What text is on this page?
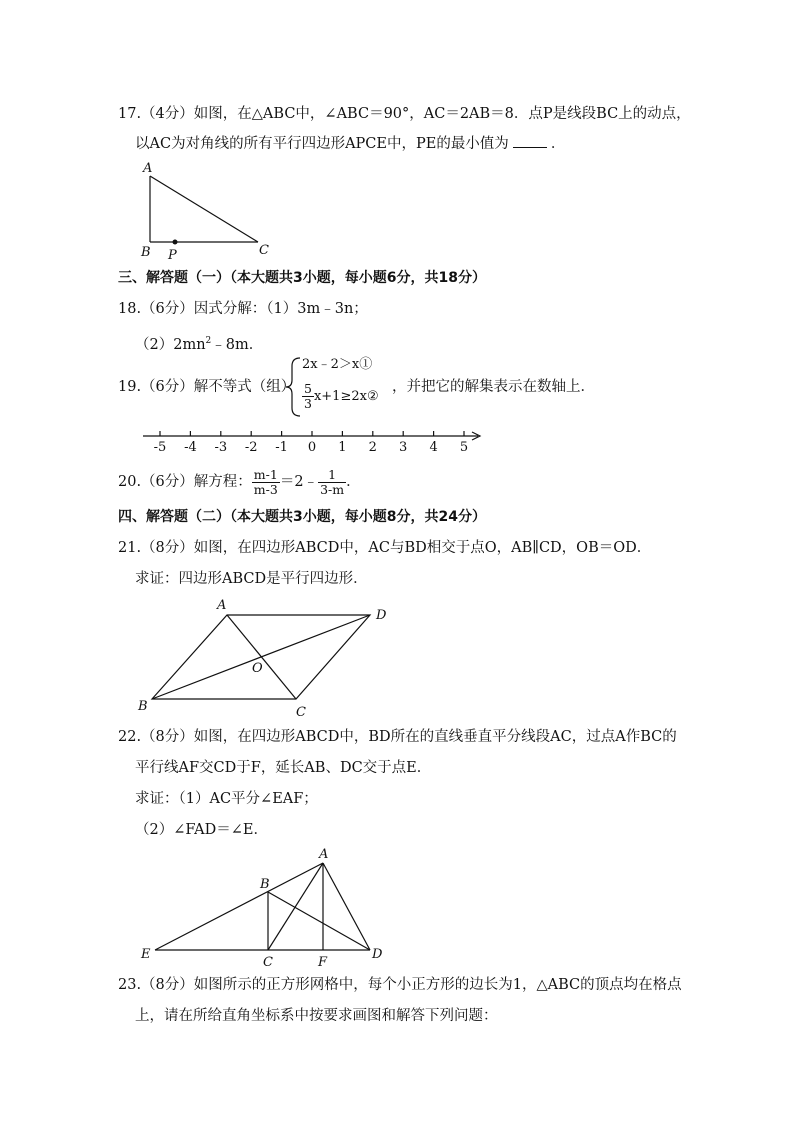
17.（4分）如图，在△ABC中，∠ABC＝90°，AC＝2AB＝8．点P是线段BC上的动点，
以AC为对角线的所有平行四边形APCE中，PE的最小值为	．
A
B P	C
三、解答题（一）（本大题共3小题，每小题6分，共18分）
18.（6分）因式分解：（1）3m﹣3n；
$(2)2mn^2﹣8m$．
19.（6分）解不等式（组）
2x﹣2＞x①
$\frac{5}{3}$ x+1≥2x②
，并把它的解集表示在数轴上．
-5 -4 -3 -2 -1 0 1 2 3 4 5
20.（6分）解方程： $\frac{m-1}{m-3}$ ＝2﹣ $\frac{1}{3-m}$ ．
四、解答题（二）（本大题共3小题，每小题8分，共24分）
21.（8分）如图，在四边形ABCD中，AC与BD相交于点O，AB∥CD，OB＝OD．
求证：四边形ABCD是平行四边形．
A
D
O
B	C
22.（8分）如图，在四边形ABCD中，BD所在的直线垂直平分线段AC，过点A作BC的
平行线AF交CD于F，延长AB、DC交于点E．
求证：（1）AC平分∠EAF；
（2）∠FAD＝∠E．
A
B
E
C	F
D
23.（8分）如图所示的正方形网格中，每个小正方形的边长为1，△ABC的顶点均在格点
上，请在所给直角坐标系中按要求画图和解答下列问题：
